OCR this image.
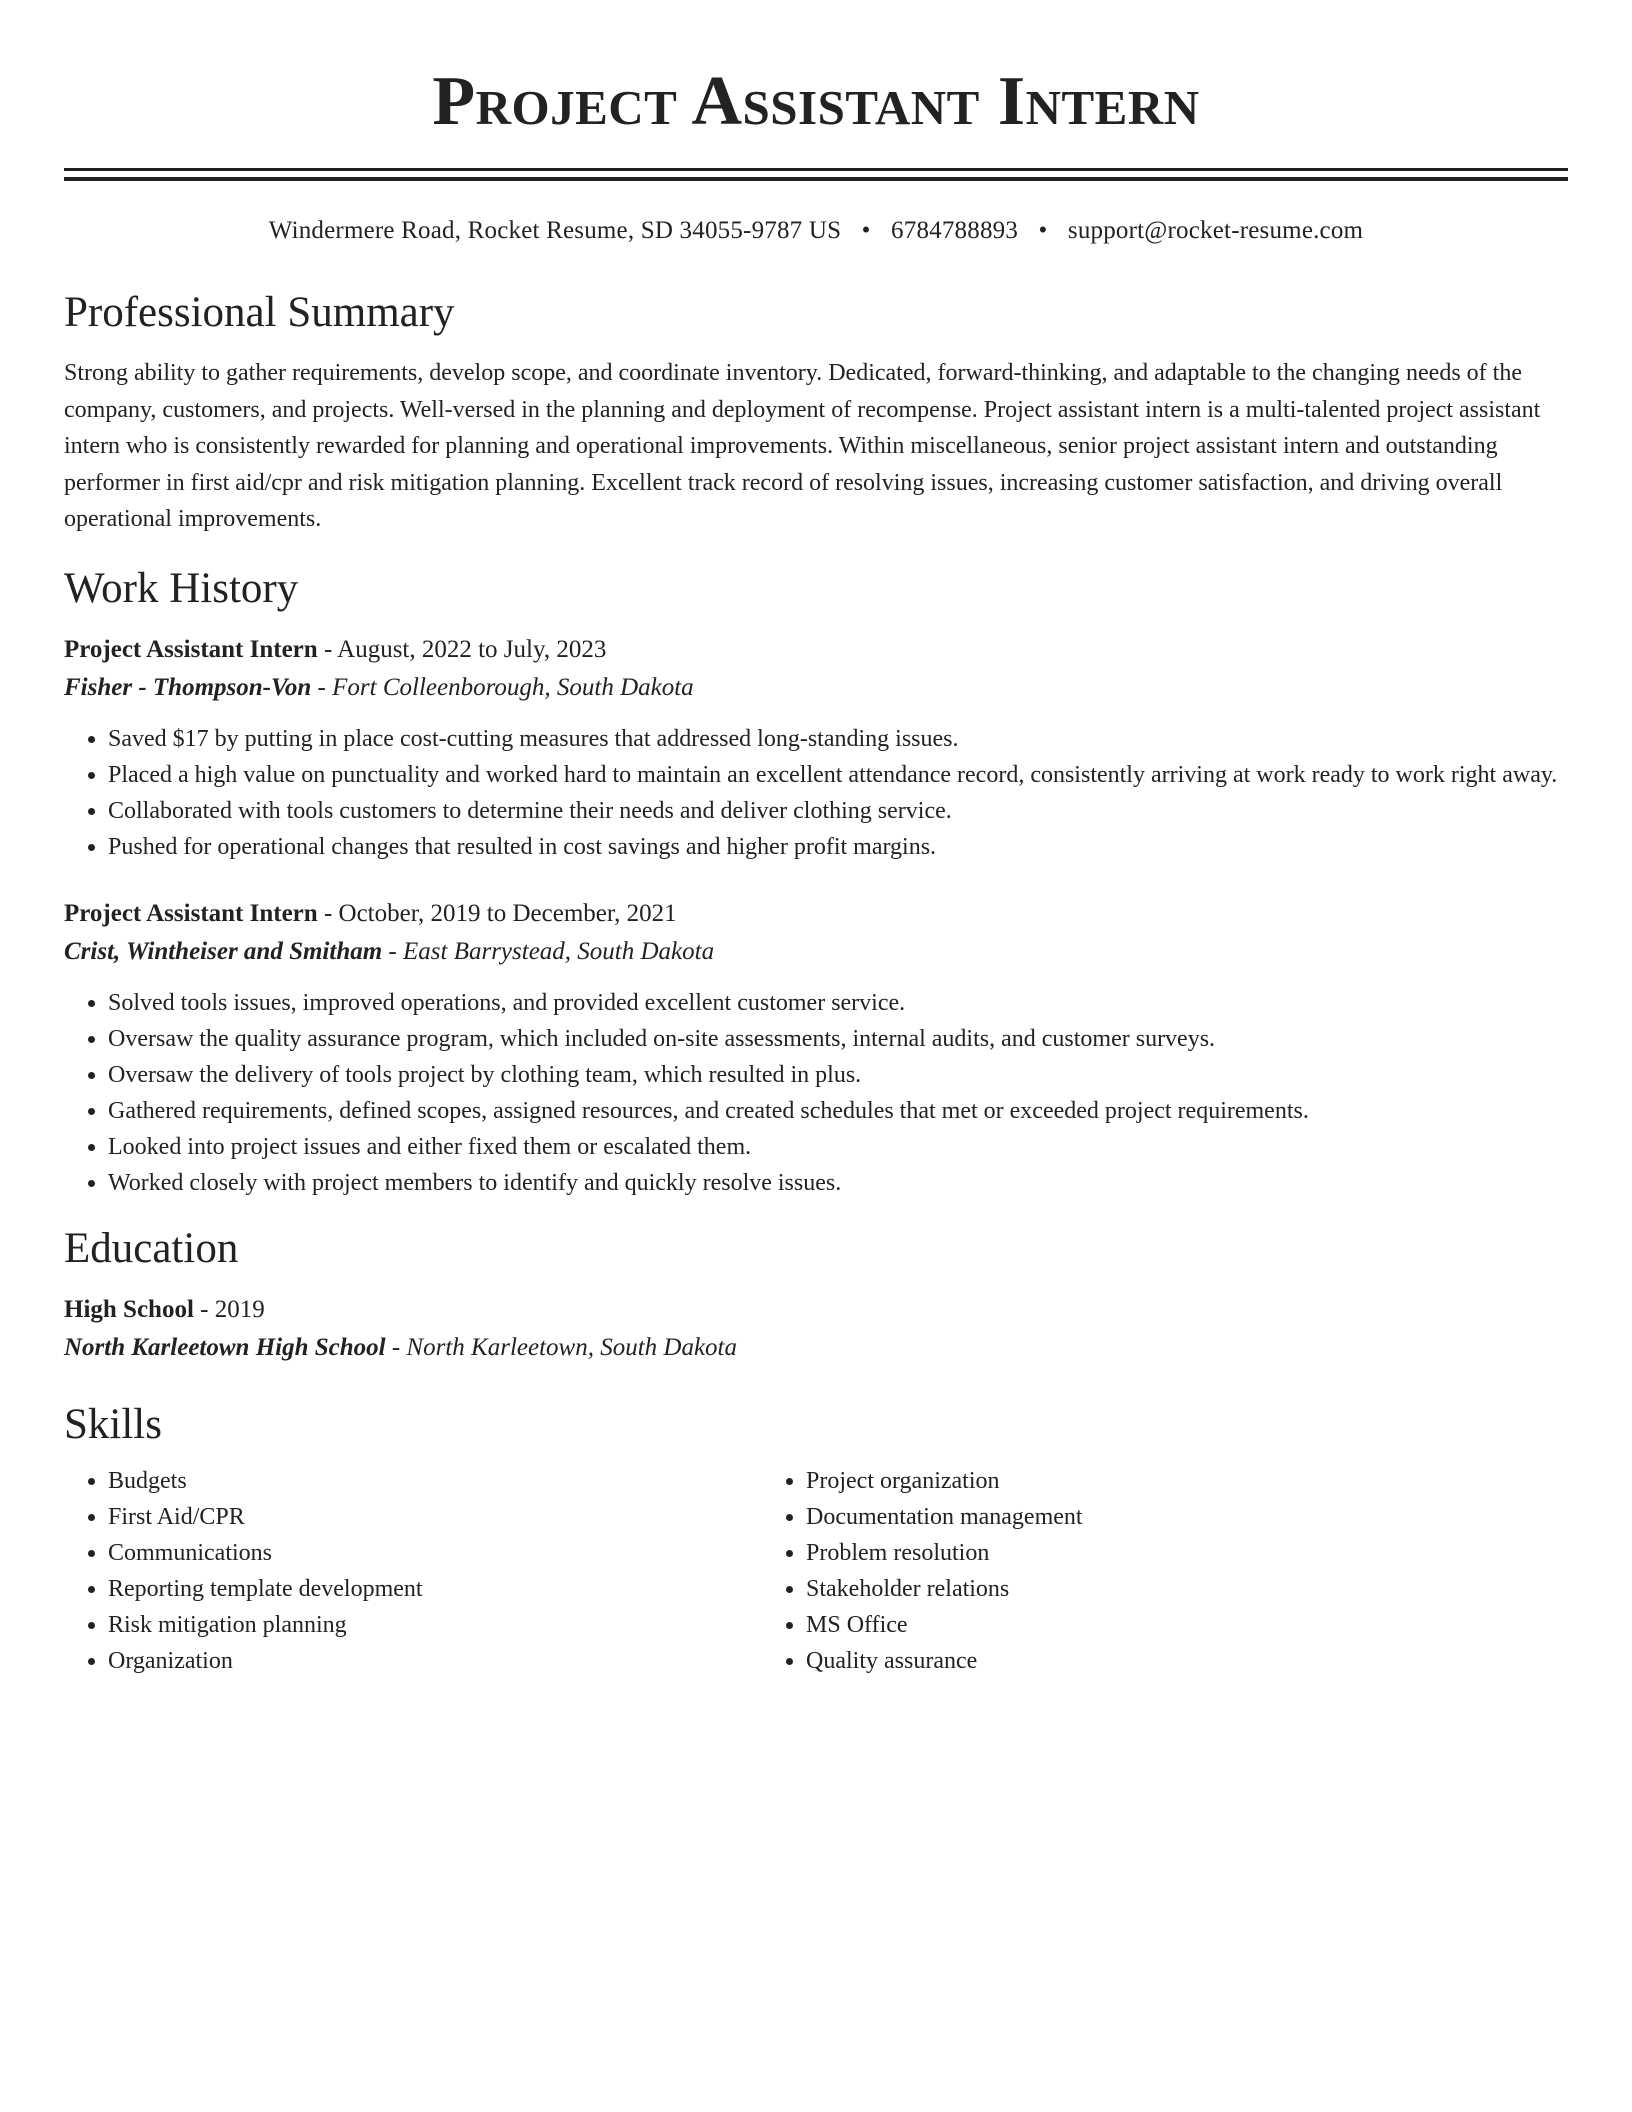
Project Assistant Intern
Windermere Road, Rocket Resume, SD 34055-9787 US • 6784788893 • support@rocket-resume.com
Professional Summary

Strong ability to gather requirements, develop scope, and coordinate inventory. Dedicated, forward-thinking, and adaptable to the changing needs of the company, customers, and projects. Well-versed in the planning and deployment of recompense. Project assistant intern is a multi-talented project assistant intern who is consistently rewarded for planning and operational improvements. Within miscellaneous, senior project assistant intern and outstanding performer in first aid/cpr and risk mitigation planning. Excellent track record of resolving issues, increasing customer satisfaction, and driving overall operational improvements.

Work History
Project Assistant Intern - August, 2022 to July, 2023
Fisher - Thompson-Von - Fort Colleenborough, South Dakota
• Saved $17 by putting in place cost-cutting measures that addressed long-standing issues.
• Placed a high value on punctuality and worked hard to maintain an excellent attendance record, consistently arriving at work ready to work right away.
• Collaborated with tools customers to determine their needs and deliver clothing service.
• Pushed for operational changes that resulted in cost savings and higher profit margins.
Project Assistant Intern - October, 2019 to December, 2021
Crist, Wintheiser and Smitham - East Barrystead, South Dakota
• Solved tools issues, improved operations, and provided excellent customer service.
• Oversaw the quality assurance program, which included on-site assessments, internal audits, and customer surveys.
• Oversaw the delivery of tools project by clothing team, which resulted in plus.
• Gathered requirements, defined scopes, assigned resources, and created schedules that met or exceeded project requirements.
• Looked into project issues and either fixed them or escalated them.
• Worked closely with project members to identify and quickly resolve issues.
Education
High School - 2019
North Karleetown High School - North Karleetown, South Dakota
Skills
• Budgets
• First Aid/CPR
• Communications
• Reporting template development
• Risk mitigation planning
• Organization
• Project organization
• Documentation management
• Problem resolution
• Stakeholder relations
• MS Office
• Quality assurance
